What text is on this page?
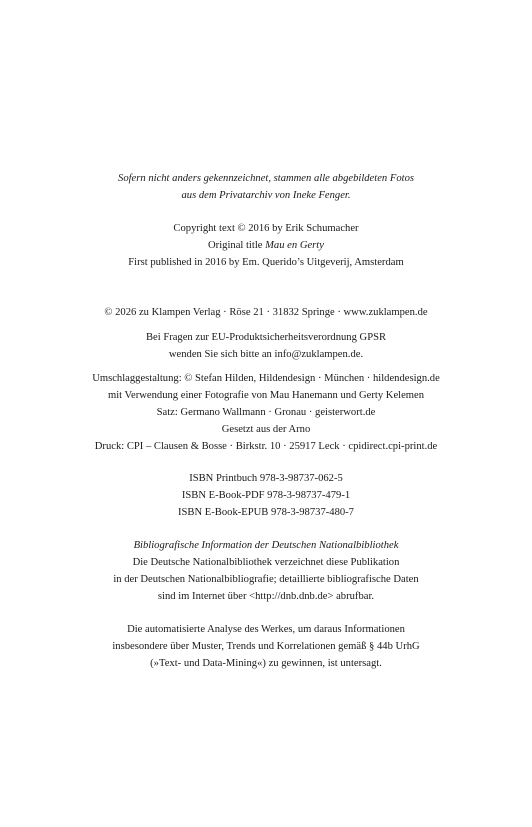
Sofern nicht anders gekennzeichnet, stammen alle abgebildeten Fotos
aus dem Privatarchiv von Ineke Fenger.
Copyright text © 2016 by Erik Schumacher
Original title Mau en Gerty
First published in 2016 by Em. Querido’s Uitgeverij, Amsterdam
© 2026 zu Klampen Verlag · Röse 21 · 31832 Springe · www.zuklampen.de
Bei Fragen zur EU-Produktsicherheitsverordnung GPSR
wenden Sie sich bitte an info@zuklampen.de.
Umschlaggestaltung: © Stefan Hilden, Hildendesign · München · hildendesign.de
mit Verwendung einer Fotografie von Mau Hanemann und Gerty Kelemen
Satz: Germano Wallmann · Gronau · geisterwort.de
Gesetzt aus der Arno
Druck: CPI – Clausen & Bosse · Birkstr. 10 · 25917 Leck · cpidirect.cpi-print.de
ISBN Printbuch 978-3-98737-062-5
ISBN E-Book-PDF 978-3-98737-479-1
ISBN E-Book-EPUB 978-3-98737-480-7
Bibliografische Information der Deutschen Nationalbibliothek
Die Deutsche Nationalbibliothek verzeichnet diese Publikation
in der Deutschen Nationalbibliografie; detaillierte bibliografische Daten
sind im Internet über <http://dnb.dnb.de> abrufbar.
Die automatisierte Analyse des Werkes, um daraus Informationen
insbesondere über Muster, Trends und Korrelationen gemäß § 44b UrhG
(»Text- und Data-Mining«) zu gewinnen, ist untersagt.
